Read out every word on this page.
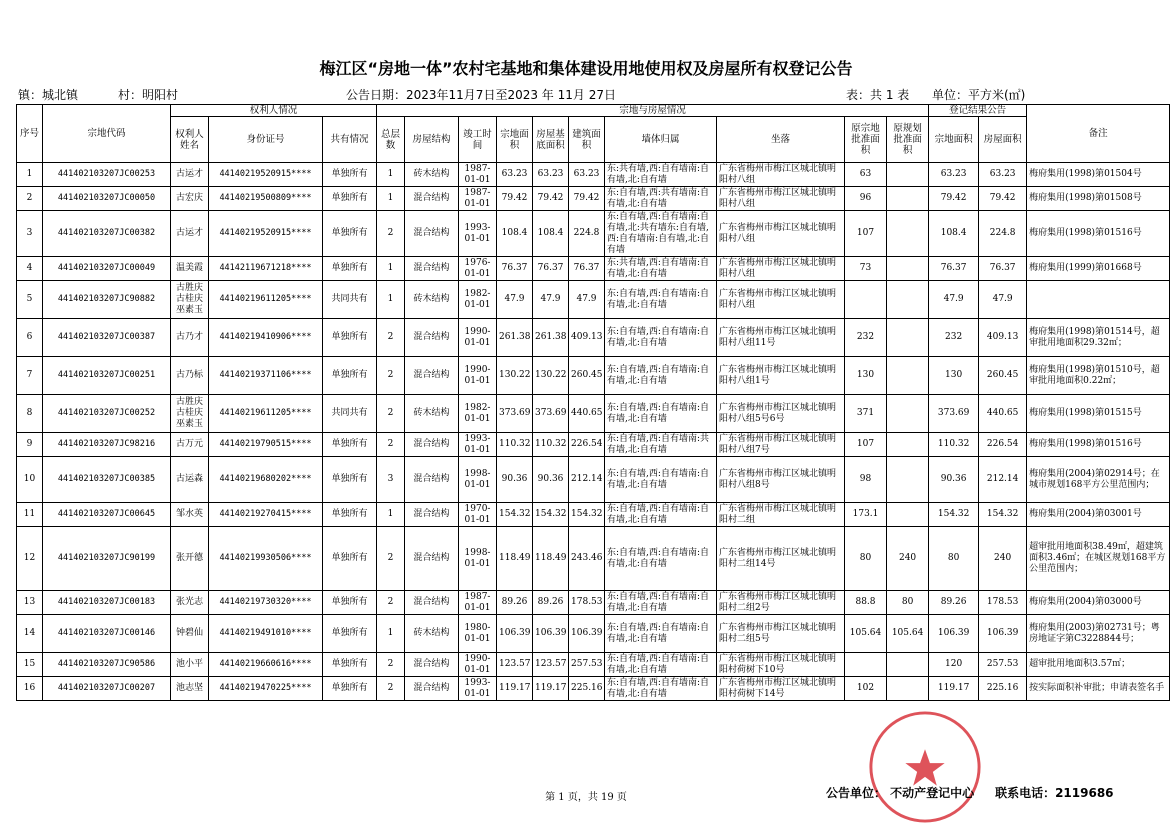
梅江区“房地一体”农村宅基地和集体建设用地使用权及房屋所有权登记公告
镇：城北镇	村：明阳村	公告日期：2023年11月7日至2023 年 11月 27日	表：共 1 表 单位：平方米(㎡)
序号	宗地代码	权利人情况			宗地与房屋情况										登记结果公告		备注
		权利人姓名	身份证号	共有情况	总层数	房屋结构	竣工时间	宗地面积	房屋基底面积	建筑面积	墙体归属	坐落	原宗地批准面积	原规划批准面积	宗地面积	房屋面积	
1	441402103207JC00253	古运才	44140219520915****	单独所有	1	砖木结构	1987-01-01	63.23	63.23	63.23	东:共有墙,西:自有墙南:自有墙,北:自有墙	广东省梅州市梅江区城北镇明阳村八组	63		63.23	63.23	梅府集用(1998)第01504号
2	441402103207JC00050	古宏庆	44140219500809****	单独所有	1	混合结构	1987-01-01	79.42	79.42	79.42	东:自有墙,西:共有墙南:自有墙,北:自有墙	广东省梅州市梅江区城北镇明阳村八组	96		79.42	79.42	梅府集用(1998)第01508号
3	441402103207JC00382	古运才	44140219520915****	单独所有	2	混合结构	1993-01-01	108.4	108.4	224.8	东:自有墙,西:自有墙南:自有墙,北:共有墙东:自有墙,西:自有墙南:自有墙,北:自有墙	广东省梅州市梅江区城北镇明阳村八组	107		108.4	224.8	梅府集用(1998)第01516号
4	441402103207JC00049	温美霞	44142119671218****	单独所有	1	混合结构	1976-01-01	76.37	76.37	76.37	东:共有墙,西:自有墙南:自有墙,北:自有墙	广东省梅州市梅江区城北镇明阳村八组	73		76.37	76.37	梅府集用(1999)第01668号
5	441402103207JC90882	古胜庆古桂庆巫素玉	44140219611205****	共同共有	1	砖木结构	1982-01-01	47.9	47.9	47.9	东:自有墙,西:自有墙南:自有墙,北:自有墙	广东省梅州市梅江区城北镇明阳村八组			47.9	47.9	
6	441402103207JC00387	古乃才	44140219410906****	单独所有	2	混合结构	1990-01-01	261.38	261.38	409.13	东:自有墙,西:自有墙南:自有墙,北:自有墙	广东省梅州市梅江区城北镇明阳村八组11号	232		232	409.13	梅府集用(1998)第01514号，超审批用地面积29.32㎡；
7	441402103207JC00251	古乃标	44140219371106****	单独所有	2	混合结构	1990-01-01	130.22	130.22	260.45	东:自有墙,西:自有墙南:自有墙,北:自有墙	广东省梅州市梅江区城北镇明阳村八组1号	130		130	260.45	梅府集用(1998)第01510号，超审批用地面积0.22㎡；
8	441402103207JC00252	古胜庆古桂庆巫素玉	44140219611205****	共同共有	2	砖木结构	1982-01-01	373.69	373.69	440.65	东:自有墙,西:自有墙南:自有墙,北:自有墙	广东省梅州市梅江区城北镇明阳村八组5号6号	371		373.69	440.65	梅府集用(1998)第01515号
9	441402103207JC98216	古万元	44140219790515****	单独所有	2	混合结构	1993-01-01	110.32	110.32	226.54	东:自有墙,西:自有墙南:共有墙,北:自有墙	广东省梅州市梅江区城北镇明阳村八组7号	107		110.32	226.54	梅府集用(1998)第01516号
10	441402103207JC00385	古运森	44140219680202****	单独所有	3	混合结构	1998-01-01	90.36	90.36	212.14	东:自有墙,西:自有墙南:自有墙,北:自有墙	广东省梅州市梅江区城北镇明阳村八组8号	98		90.36	212.14	梅府集用(2004)第02914号；在城市规划168平方公里范围内；
11	441402103207JC00645	邹水英	44140219270415****	单独所有	1	混合结构	1970-01-01	154.32	154.32	154.32	东:自有墙,西:自有墙南:自有墙,北:自有墙	广东省梅州市梅江区城北镇明阳村二组	173.1		154.32	154.32	梅府集用(2004)第03001号
12	441402103207JC90199	张开德	44140219930506****	单独所有	2	混合结构	1998-01-01	118.49	118.49	243.46	东:自有墙,西:自有墙南:自有墙,北:自有墙	广东省梅州市梅江区城北镇明阳村二组14号	80	240	80	240	超审批用地面积38.49㎡，超建筑面积3.46㎡；在城区规划168平方公里范围内；
13	441402103207JC00183	张光志	44140219730320****	单独所有	2	混合结构	1987-01-01	89.26	89.26	178.53	东:自有墙,西:自有墙南:自有墙,北:自有墙	广东省梅州市梅江区城北镇明阳村二组2号	88.8	80	89.26	178.53	梅府集用(2004)第03000号
14	441402103207JC00146	钟碧仙	44140219491010****	单独所有	1	砖木结构	1980-01-01	106.39	106.39	106.39	东:自有墙,西:自有墙南:自有墙,北:自有墙	广东省梅州市梅江区城北镇明阳村二组5号	105.64	105.64	106.39	106.39	梅府集用(2003)第02731号；粤房地证字第C3228844号；
15	441402103207JC90586	池小平	44140219660616****	单独所有	2	混合结构	1990-01-01	123.57	123.57	257.53	东:自有墙,西:自有墙南:自有墙,北:自有墙	广东省梅州市梅江区城北镇明阳村荷树下10号			120	257.53	超审批用地面积3.57㎡；
16	441402103207JC00207	池志坚	44140219470225****	单独所有	2	混合结构	1993-01-01	119.17	119.17	225.16	东:自有墙,西:自有墙南:自有墙,北:自有墙	广东省梅州市梅江区城北镇明阳村荷树下14号	102		119.17	225.16	按实际面积补审批；申请表签名手
第 1 页，共 19 页	公告单位： 不动产登记中心 联系电话：2119686
